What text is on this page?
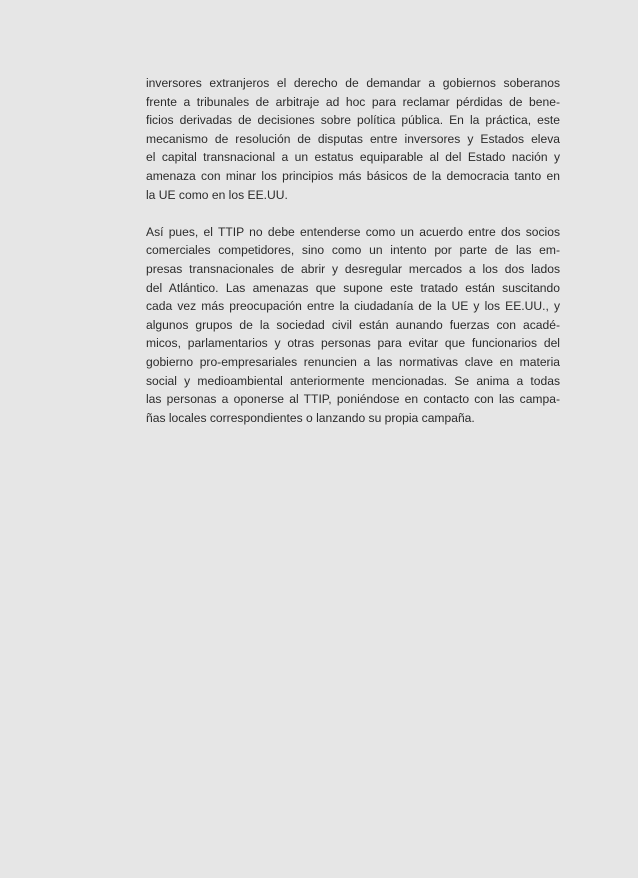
inversores extranjeros el derecho de demandar a gobiernos soberanos
frente a tribunales de arbitraje ad hoc para reclamar pérdidas de bene-
ficios derivadas de decisiones sobre política pública. En la práctica, este
mecanismo de resolución de disputas entre inversores y Estados eleva
el capital transnacional a un estatus equiparable al del Estado nación y
amenaza con minar los principios más básicos de la democracia tanto en
la UE como en los EE.UU.

Así pues, el TTIP no debe entenderse como un acuerdo entre dos socios
comerciales competidores, sino como un intento por parte de las em-
presas transnacionales de abrir y desregular mercados a los dos lados
del Atlántico. Las amenazas que supone este tratado están suscitando
cada vez más preocupación entre la ciudadanía de la UE y los EE.UU., y
algunos grupos de la sociedad civil están aunando fuerzas con acadé-
micos, parlamentarios y otras personas para evitar que funcionarios del
gobierno pro-empresariales renuncien a las normativas clave en materia
social y medioambiental anteriormente mencionadas. Se anima a todas
las personas a oponerse al TTIP, poniéndose en contacto con las campa-
ñas locales correspondientes o lanzando su propia campaña.
